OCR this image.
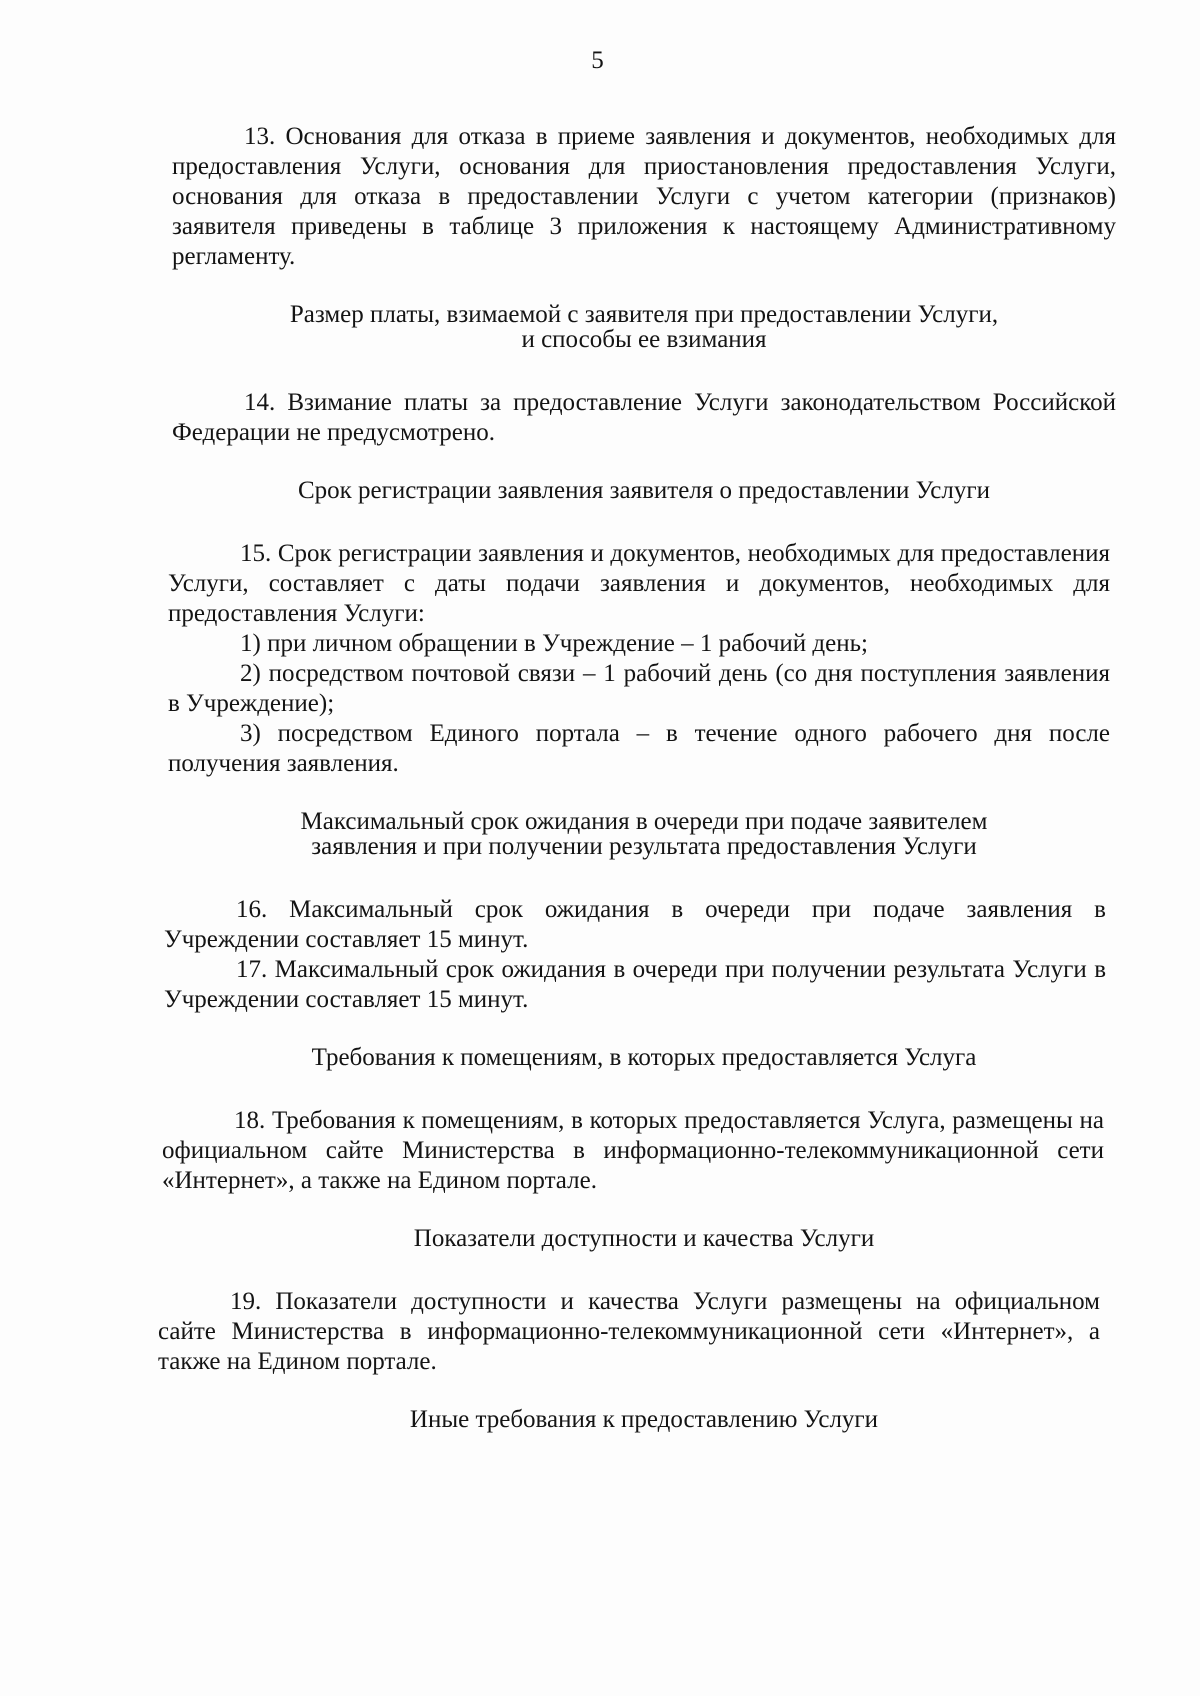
5

13. Основания для отказа в приеме заявления и документов, необходимых для предоставления Услуги, основания для приостановления предоставления Услуги, основания для отказа в предоставлении Услуги с учетом категории (признаков) заявителя приведены в таблице 3 приложения к настоящему Административному регламенту.

Размер платы, взимаемой с заявителя при предоставлении Услуги,
и способы ее взимания

14. Взимание платы за предоставление Услуги законодательством Российской Федерации не предусмотрено.

Срок регистрации заявления заявителя о предоставлении Услуги

15. Срок регистрации заявления и документов, необходимых для предоставления Услуги, составляет с даты подачи заявления и документов, необходимых для предоставления Услуги:

1) при личном обращении в Учреждение – 1 рабочий день;

2) посредством почтовой связи – 1 рабочий день (со дня поступления заявления в Учреждение);

3) посредством Единого портала – в течение одного рабочего дня после получения заявления.

Максимальный срок ожидания в очереди при подаче заявителем
заявления и при получении результата предоставления Услуги

16. Максимальный срок ожидания в очереди при подаче заявления в Учреждении составляет 15 минут.

17. Максимальный срок ожидания в очереди при получении результата Услуги в Учреждении составляет 15 минут.

Требования к помещениям, в которых предоставляется Услуга

18. Требования к помещениям, в которых предоставляется Услуга, размещены на официальном сайте Министерства в информационно-телекоммуникационной сети «Интернет», а также на Едином портале.

Показатели доступности и качества Услуги

19. Показатели доступности и качества Услуги размещены на официальном сайте Министерства в информационно-телекоммуникационной сети «Интернет», а также на Едином портале.

Иные требования к предоставлению Услуги
